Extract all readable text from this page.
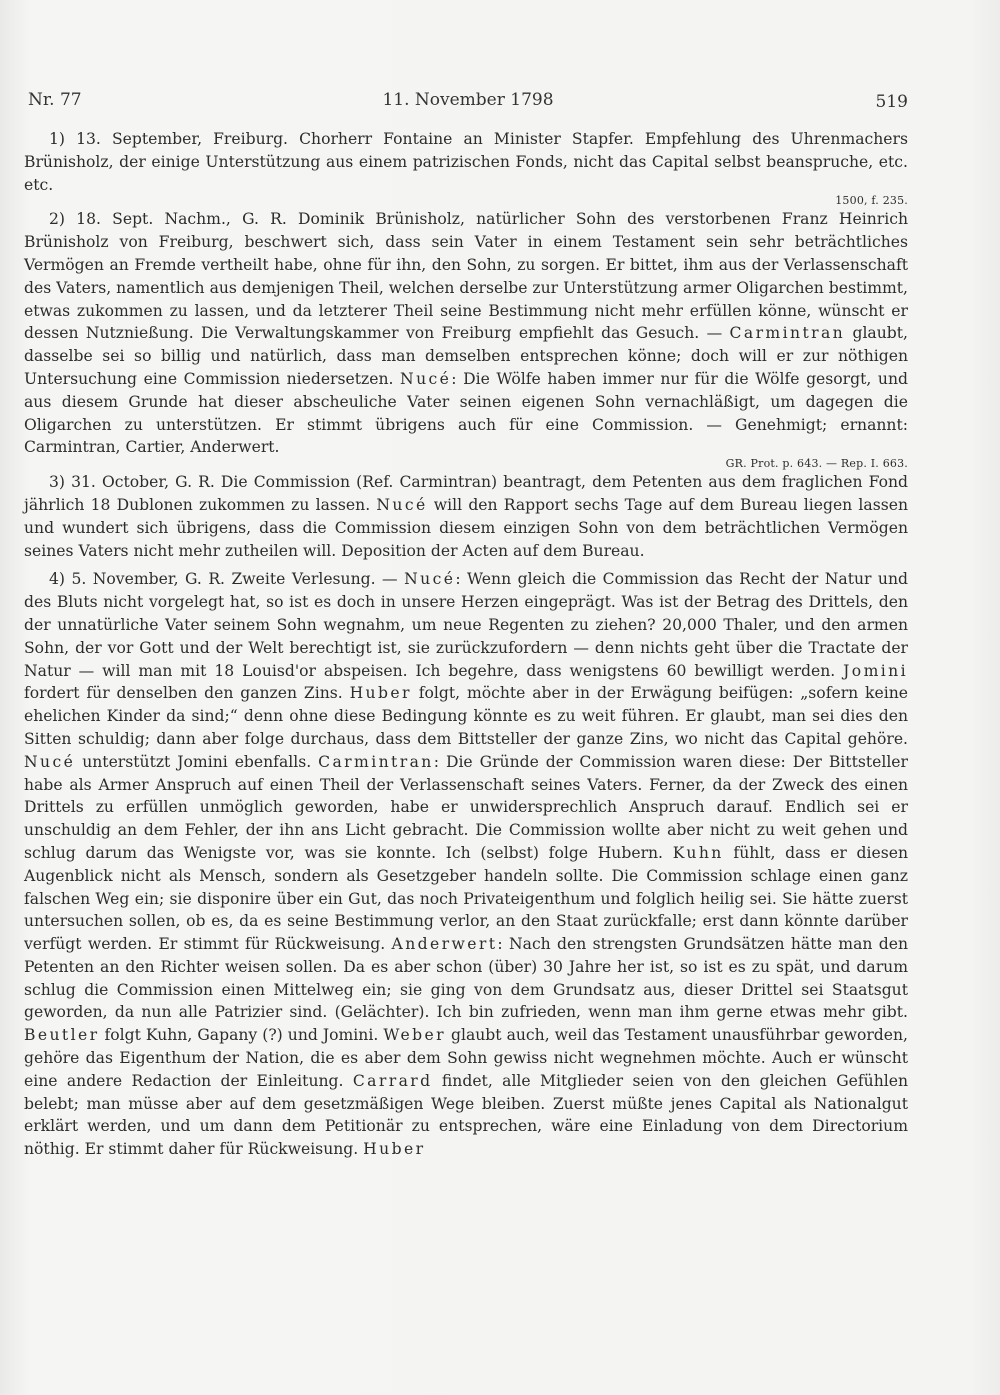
Nr. 77	11. November 1798	519

1) 13. September, Freiburg. Chorherr Fontaine an Minister Stapfer. Empfehlung des Uhrenmachers Brünisholz, der einige Unterstützung aus einem patrizischen Fonds, nicht das Capital selbst beanspruche, etc. etc.

1500, f. 235.

2) 18. Sept. Nachm., G. R. Dominik Brünisholz, natürlicher Sohn des verstorbenen Franz Heinrich Brünisholz von Freiburg, beschwert sich, dass sein Vater in einem Testament sein sehr beträchtliches Vermögen an Fremde vertheilt habe, ohne für ihn, den Sohn, zu sorgen. Er bittet, ihm aus der Verlassenschaft des Vaters, namentlich aus demjenigen Theil, welchen derselbe zur Unterstützung armer Oligarchen bestimmt, etwas zukommen zu lassen, und da letzterer Theil seine Bestimmung nicht mehr erfüllen könne, wünscht er dessen Nutznießung. Die Verwaltungskammer von Freiburg empfiehlt das Gesuch. — Carmintran glaubt, dasselbe sei so billig und natürlich, dass man demselben entsprechen könne; doch will er zur nöthigen Untersuchung eine Commission niedersetzen. Nucé: Die Wölfe haben immer nur für die Wölfe gesorgt, und aus diesem Grunde hat dieser abscheuliche Vater seinen eigenen Sohn vernachläßigt, um dagegen die Oligarchen zu unterstützen. Er stimmt übrigens auch für eine Commission. — Genehmigt; ernannt: Carmintran, Cartier, Anderwert.

GR. Prot. p. 643. — Rep. I. 663.

3) 31. October, G. R. Die Commission (Ref. Carmintran) beantragt, dem Petenten aus dem fraglichen Fond jährlich 18 Dublonen zukommen zu lassen. Nucé will den Rapport sechs Tage auf dem Bureau liegen lassen und wundert sich übrigens, dass die Commission diesem einzigen Sohn von dem beträchtlichen Vermögen seines Vaters nicht mehr zutheilen will. Deposition der Acten auf dem Bureau.

4) 5. November, G. R. Zweite Verlesung. — Nucé: Wenn gleich die Commission das Recht der Natur und des Bluts nicht vorgelegt hat, so ist es doch in unsere Herzen eingeprägt. Was ist der Betrag des Drittels, den der unnatürliche Vater seinem Sohn wegnahm, um neue Regenten zu ziehen? 20,000 Thaler, und den armen Sohn, der vor Gott und der Welt berechtigt ist, sie zurückzufordern — denn nichts geht über die Tractate der Natur — will man mit 18 Louisd'or abspeisen. Ich begehre, dass wenigstens 60 bewilligt werden. Jomini fordert für denselben den ganzen Zins. Huber folgt, möchte aber in der Erwägung beifügen: „sofern keine ehelichen Kinder da sind;“ denn ohne diese Bedingung könnte es zu weit führen. Er glaubt, man sei dies den Sitten schuldig; dann aber folge durchaus, dass dem Bittsteller der ganze Zins, wo nicht das Capital gehöre. Nucé unterstützt Jomini ebenfalls. Carmintran: Die Gründe der Commission waren diese: Der Bittsteller habe als Armer Anspruch auf einen Theil der Verlassenschaft seines Vaters. Ferner, da der Zweck des einen Drittels zu erfüllen unmöglich geworden, habe er unwidersprechlich Anspruch darauf. Endlich sei er unschuldig an dem Fehler, der ihn ans Licht gebracht. Die Commission wollte aber nicht zu weit gehen und schlug darum das Wenigste vor, was sie konnte. Ich (selbst) folge Hubern. Kuhn fühlt, dass er diesen Augenblick nicht als Mensch, sondern als Gesetzgeber handeln sollte. Die Commission schlage einen ganz falschen Weg ein; sie disponire über ein Gut, das noch Privateigenthum und folglich heilig sei. Sie hätte zuerst untersuchen sollen, ob es, da es seine Bestimmung verlor, an den Staat zurückfalle; erst dann könnte darüber verfügt werden. Er stimmt für Rückweisung. Anderwert: Nach den strengsten Grundsätzen hätte man den Petenten an den Richter weisen sollen. Da es aber schon (über) 30 Jahre her ist, so ist es zu spät, und darum schlug die Commission einen Mittelweg ein; sie ging von dem Grundsatz aus, dieser Drittel sei Staatsgut geworden, da nun alle Patrizier sind. (Gelächter). Ich bin zufrieden, wenn man ihm gerne etwas mehr gibt. Beutler folgt Kuhn, Gapany (?) und Jomini. Weber glaubt auch, weil das Testament unausführbar geworden, gehöre das Eigenthum der Nation, die es aber dem Sohn gewiss nicht wegnehmen möchte. Auch er wünscht eine andere Redaction der Einleitung. Carrard findet, alle Mitglieder seien von den gleichen Gefühlen belebt; man müsse aber auf dem gesetzmäßigen Wege bleiben. Zuerst müßte jenes Capital als Nationalgut erklärt werden, und um dann dem Petitionär zu entsprechen, wäre eine Einladung von dem Directorium nöthig. Er stimmt daher für Rückweisung. Huber
